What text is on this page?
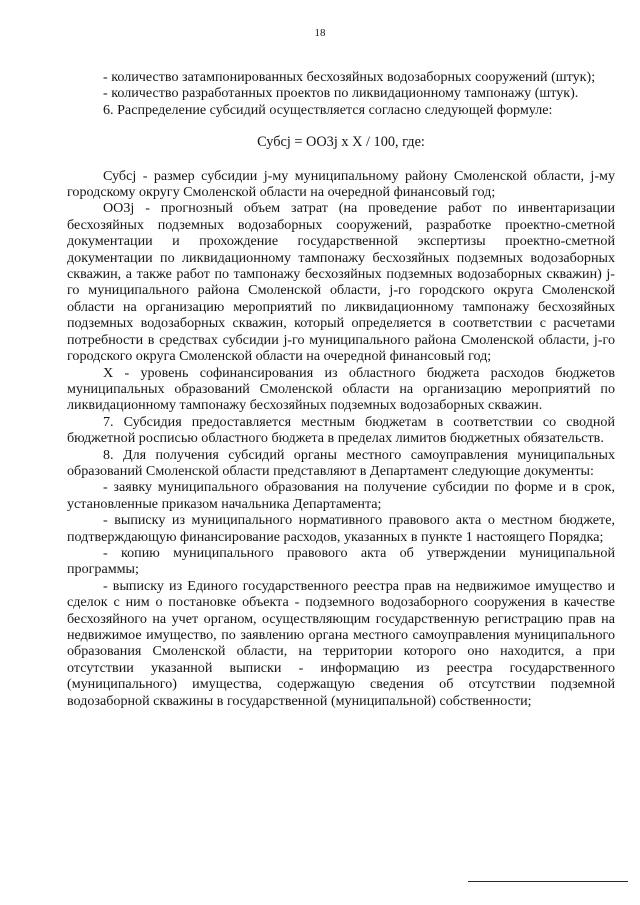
18

- количество затампонированных бесхозяйных водозаборных сооружений (штук);

- количество разработанных проектов по ликвидационному тампонажу (штук).

6. Распределение субсидий осуществляется согласно следующей формуле:

Субсj = OO3j x X / 100, где:

Субсj - размер субсидии j-му муниципальному району Смоленской области, j-му городскому округу Смоленской области на очередной финансовый год;

OO3j - прогнозный объем затрат (на проведение работ по инвентаризации бесхозяйных подземных водозаборных сооружений, разработке проектно-сметной документации и прохождение государственной экспертизы проектно-сметной документации по ликвидационному тампонажу бесхозяйных подземных водозаборных скважин, а также работ по тампонажу бесхозяйных подземных водозаборных скважин) j-го муниципального района Смоленской области, j-го городского округа Смоленской области на организацию мероприятий по ликвидационному тампонажу бесхозяйных подземных водозаборных скважин, который определяется в соответствии с расчетами потребности в средствах субсидии j-го муниципального района Смоленской области, j-го городского округа Смоленской области на очередной финансовый год;

X - уровень софинансирования из областного бюджета расходов бюджетов муниципальных образований Смоленской области на организацию мероприятий по ликвидационному тампонажу бесхозяйных подземных водозаборных скважин.

7. Субсидия предоставляется местным бюджетам в соответствии со сводной бюджетной росписью областного бюджета в пределах лимитов бюджетных обязательств.

8. Для получения субсидий органы местного самоуправления муниципальных образований Смоленской области представляют в Департамент следующие документы:

- заявку муниципального образования на получение субсидии по форме и в срок, установленные приказом начальника Департамента;

- выписку из муниципального нормативного правового акта о местном бюджете, подтверждающую финансирование расходов, указанных в пункте 1 настоящего Порядка;

- копию муниципального правового акта об утверждении муниципальной программы;

- выписку из Единого государственного реестра прав на недвижимое имущество и сделок с ним о постановке объекта - подземного водозаборного сооружения в качестве бесхозяйного на учет органом, осуществляющим государственную регистрацию прав на недвижимое имущество, по заявлению органа местного самоуправления муниципального образования Смоленской области, на территории которого оно находится, а при отсутствии указанной выписки - информацию из реестра государственного (муниципального) имущества, содержащую сведения об отсутствии подземной водозаборной скважины в государственной (муниципальной) собственности;
